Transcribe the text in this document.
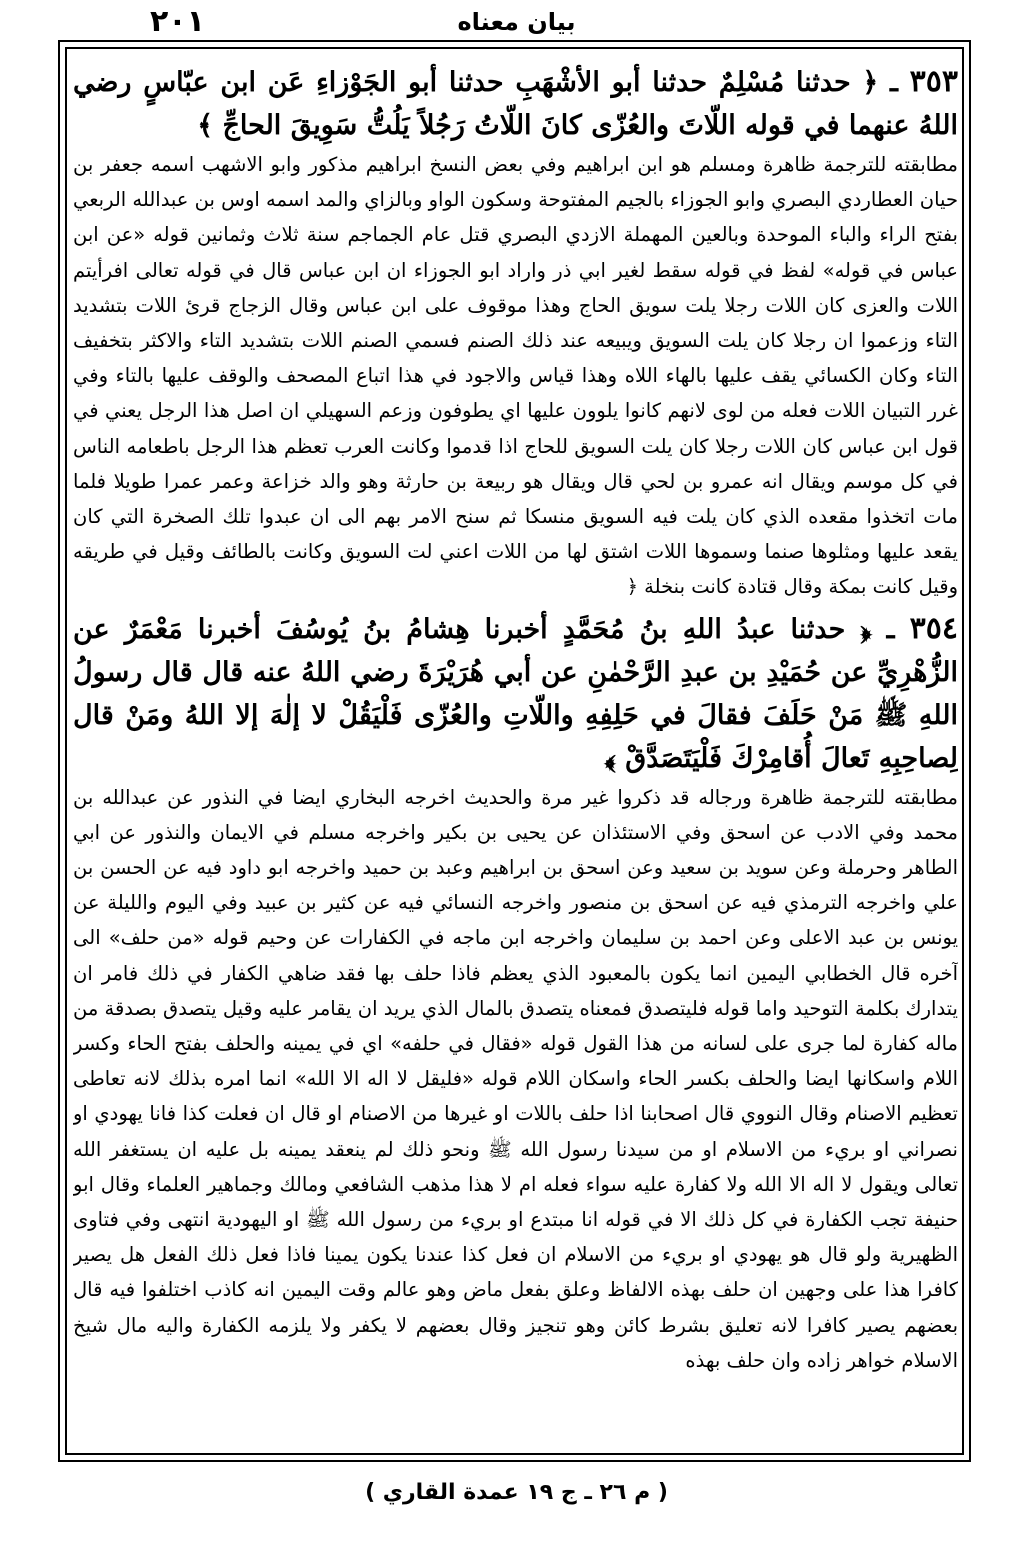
٢٠١	بيان معناه

٣٥٣ ـ ﴿ حدثنا مُسْلِمٌ حدثنا أبو الأشْهَبِ حدثنا أبو الجَوْزاءِ عَن ابن عبّاسٍ رضي اللهُ عنهما في قوله اللّاتَ والعُزّى كانَ اللّاتُ رَجُلاً يَلُتُّ سَوِيقَ الحاجِّ ﴾

مطابقته للترجمة ظاهرة ومسلم هو ابن ابراهيم وفي بعض النسخ ابراهيم مذكور وابو الاشهب اسمه جعفر بن حيان العطاردي البصري وابو الجوزاء بالجيم المفتوحة وسكون الواو وبالزاي والمد اسمه اوس بن عبدالله الربعي بفتح الراء والباء الموحدة وبالعين المهملة الازدي البصري قتل عام الجماجم سنة ثلاث وثمانين قوله «عن ابن عباس في قوله» لفظ في قوله سقط لغير ابي ذر واراد ابو الجوزاء ان ابن عباس قال في قوله تعالى افرأيتم اللات والعزى كان اللات رجلا يلت سويق الحاج وهذا موقوف على ابن عباس وقال الزجاج قرئ اللات بتشديد التاء وزعموا ان رجلا كان يلت السويق ويبيعه عند ذلك الصنم فسمي الصنم اللات بتشديد التاء والاكثر بتخفيف التاء وكان الكسائي يقف عليها بالهاء اللاه وهذا قياس والاجود في هذا اتباع المصحف والوقف عليها بالتاء وفي غرر التبيان اللات فعله من لوى لانهم كانوا يلوون عليها اي يطوفون وزعم السهيلي ان اصل هذا الرجل يعني في قول ابن عباس كان اللات رجلا كان يلت السويق للحاج اذا قدموا وكانت العرب تعظم هذا الرجل باطعامه الناس في كل موسم ويقال انه عمرو بن لحي قال ويقال هو ربيعة بن حارثة وهو والد خزاعة وعمر عمرا طويلا فلما مات اتخذوا مقعده الذي كان يلت فيه السويق منسكا ثم سنح الامر بهم الى ان عبدوا تلك الصخرة التي كان يقعد عليها ومثلوها صنما وسموها اللات اشتق لها من اللات اعني لت السويق وكانت بالطائف وقيل في طريقه وقيل كانت بمكة وقال قتادة كانت بنخلة ﴿

٣٥٤ ـ ﴿ حدثنا عبدُ اللهِ بنُ مُحَمَّدٍ أخبرنا هِشامُ بنُ يُوسُفَ أخبرنا مَعْمَرٌ عن الزُّهْرِيِّ عن حُمَيْدِ بن عبدِ الرَّحْمٰنِ عن أبي هُرَيْرَةَ رضي اللهُ عنه قال قال رسولُ اللهِ ﷺ مَنْ حَلَفَ فقالَ في حَلِفِهِ واللّاتِ والعُزّى فَلْيَقُلْ لا إلٰهَ إلا اللهُ ومَنْ قال لِصاحِبِهِ تَعالَ أُقامِرْكَ فَلْيَتَصَدَّقْ ﴾

مطابقته للترجمة ظاهرة ورجاله قد ذكروا غير مرة والحديث اخرجه البخاري ايضا في النذور عن عبدالله بن محمد وفي الادب عن اسحق وفي الاستئذان عن يحيى بن بكير واخرجه مسلم في الايمان والنذور عن ابي الطاهر وحرملة وعن سويد بن سعيد وعن اسحق بن ابراهيم وعبد بن حميد واخرجه ابو داود فيه عن الحسن بن علي واخرجه الترمذي فيه عن اسحق بن منصور واخرجه النسائي فيه عن كثير بن عبيد وفي اليوم والليلة عن يونس بن عبد الاعلى وعن احمد بن سليمان واخرجه ابن ماجه في الكفارات عن وحيم قوله «من حلف» الى آخره قال الخطابي اليمين انما يكون بالمعبود الذي يعظم فاذا حلف بها فقد ضاهي الكفار في ذلك فامر ان يتدارك بكلمة التوحيد واما قوله فليتصدق فمعناه يتصدق بالمال الذي يريد ان يقامر عليه وقيل يتصدق بصدقة من ماله كفارة لما جرى على لسانه من هذا القول قوله «فقال في حلفه» اي في يمينه والحلف بفتح الحاء وكسر اللام واسكانها ايضا والحلف بكسر الحاء واسكان اللام قوله «فليقل لا اله الا الله» انما امره بذلك لانه تعاطى تعظيم الاصنام وقال النووي قال اصحابنا اذا حلف باللات او غيرها من الاصنام او قال ان فعلت كذا فانا يهودي او نصراني او بريء من الاسلام او من سيدنا رسول الله ﷺ ونحو ذلك لم ينعقد يمينه بل عليه ان يستغفر الله تعالى ويقول لا اله الا الله ولا كفارة عليه سواء فعله ام لا هذا مذهب الشافعي ومالك وجماهير العلماء وقال ابو حنيفة تجب الكفارة في كل ذلك الا في قوله انا مبتدع او بريء من رسول الله ﷺ او اليهودية انتهى وفي فتاوى الظهيرية ولو قال هو يهودي او بريء من الاسلام ان فعل كذا عندنا يكون يمينا فاذا فعل ذلك الفعل هل يصير كافرا هذا على وجهين ان حلف بهذه الالفاظ وعلق بفعل ماض وهو عالم وقت اليمين انه كاذب اختلفوا فيه قال بعضهم يصير كافرا لانه تعليق بشرط كائن وهو تنجيز وقال بعضهم لا يكفر ولا يلزمه الكفارة واليه مال شيخ الاسلام خواهر زاده وان حلف بهذه

( م ٢٦ ـ ج ١٩ عمدة القاري )
